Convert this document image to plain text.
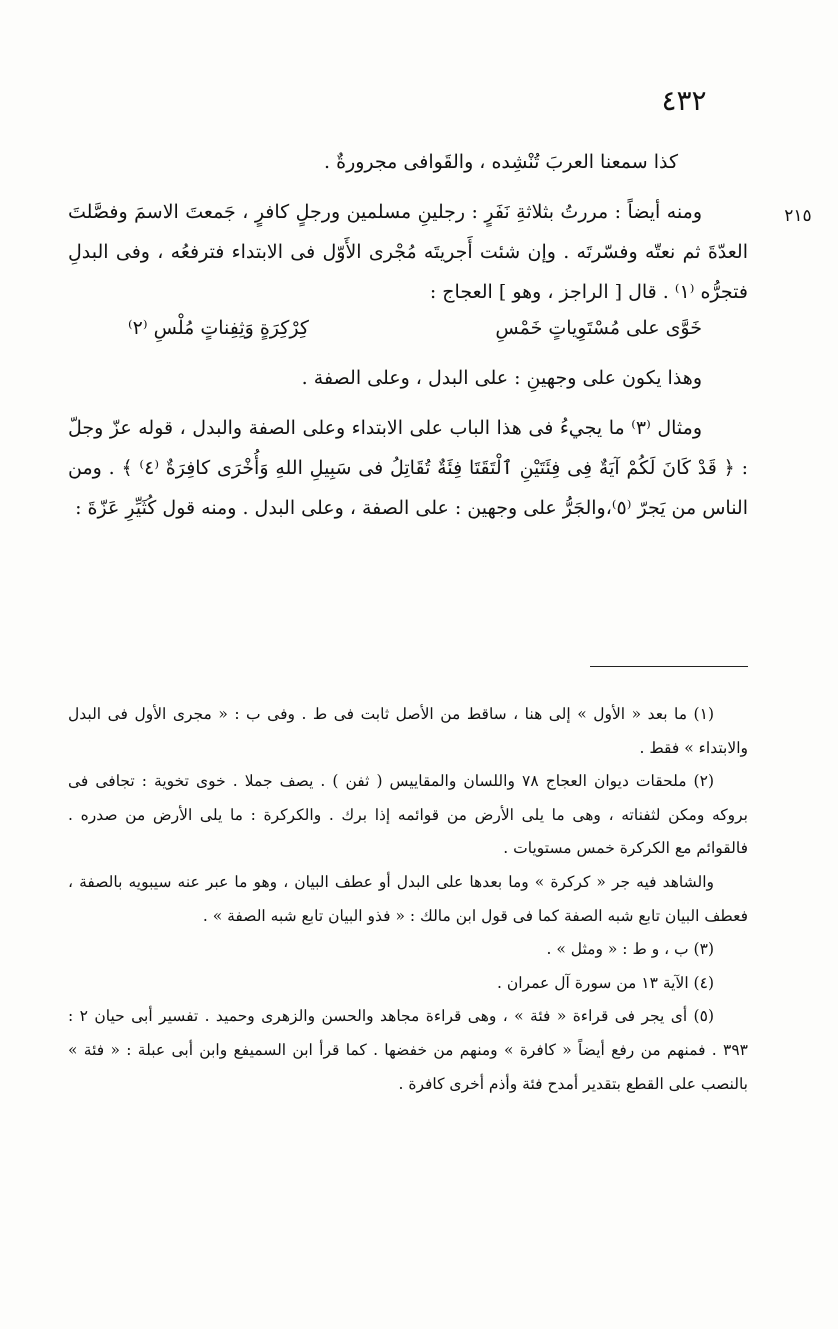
٤٣٢
٢١٥

كذا سمعنا العربَ تُنْشِده ، والقَوافى مجرورةٌ .

ومنه أيضاً : مررتُ بثلاثةِ نَفَرٍ : رجلينِ مسلمين ورجلٍ كافرٍ ، جَمعتَ الاسمَ وفصَّلتَ العدّةَ ثم نعتّه وفسّرتَه . وإن شئت أَجريتَه مُجْرى الأَوّل فى الابتداء فترفعُه ، وفى البدلِ فتجرُّه ⁽١⁾ . قال [ الراجز ، وهو ] العجاج :

خَوَّى على مُسْتَوِياتٍ خَمْسِ
كِرْكِرَةٍ وَثِفِناتٍ مُلْسِ ⁽٢⁾

وهذا يكون على وجهينِ : على البدل ، وعلى الصفة .

ومثال ⁽٣⁾ ما يجيءُ فى هذا الباب على الابتداء وعلى الصفة والبدل ، قوله عزّ وجلّ : ﴿ قَدْ كَانَ لَكُمْ آيَةٌ فِى فِئَتَيْنِ ٱلْتَقَتَا فِئَةٌ تُقَاتِلُ فى سَبِيلِ اللهِ وَأُخْرَى كافِرَةٌ ⁽٤⁾ ﴾ . ومن الناس من يَجرّ ⁽٥⁾،والجَرُّ على وجهين : على الصفة ، وعلى البدل . ومنه قول كُثَيِّرِ عَزّةَ :

(١) ما بعد « الأول » إلى هنا ، ساقط من الأصل ثابت فى ط . وفى ب : « مجرى الأول فى البدل والابتداء » فقط .

(٢) ملحقات ديوان العجاج ٧٨ واللسان والمقاييس ( ثفن ) . يصف جملا . خوى تخوية : تجافى فى بروكه ومكن لثفناته ، وهى ما يلى الأرض من قوائمه إذا برك . والكركرة : ما يلى الأرض من صدره . فالقوائم مع الكركرة خمس مستويات .

والشاهد فيه جر « كركرة » وما بعدها على البدل أو عطف البيان ، وهو ما عبر عنه سيبويه بالصفة ، فعطف البيان تابع شبه الصفة كما فى قول ابن مالك : « فذو البيان تابع شبه الصفة » .

(٣) ب ، و ط : « ومثل » .

(٤) الآية ١٣ من سورة آل عمران .

(٥) أى يجر فى قراءة « فئة » ، وهى قراءة مجاهد والحسن والزهرى وحميد . تفسير أبى حيان ٢ : ٣٩٣ . فمنهم من رفع أيضاً « كافرة » ومنهم من خفضها . كما قرأ ابن السميفع وابن أبى عبلة : « فئة » بالنصب على القطع بتقدير أمدح فئة وأذم أخرى كافرة .
